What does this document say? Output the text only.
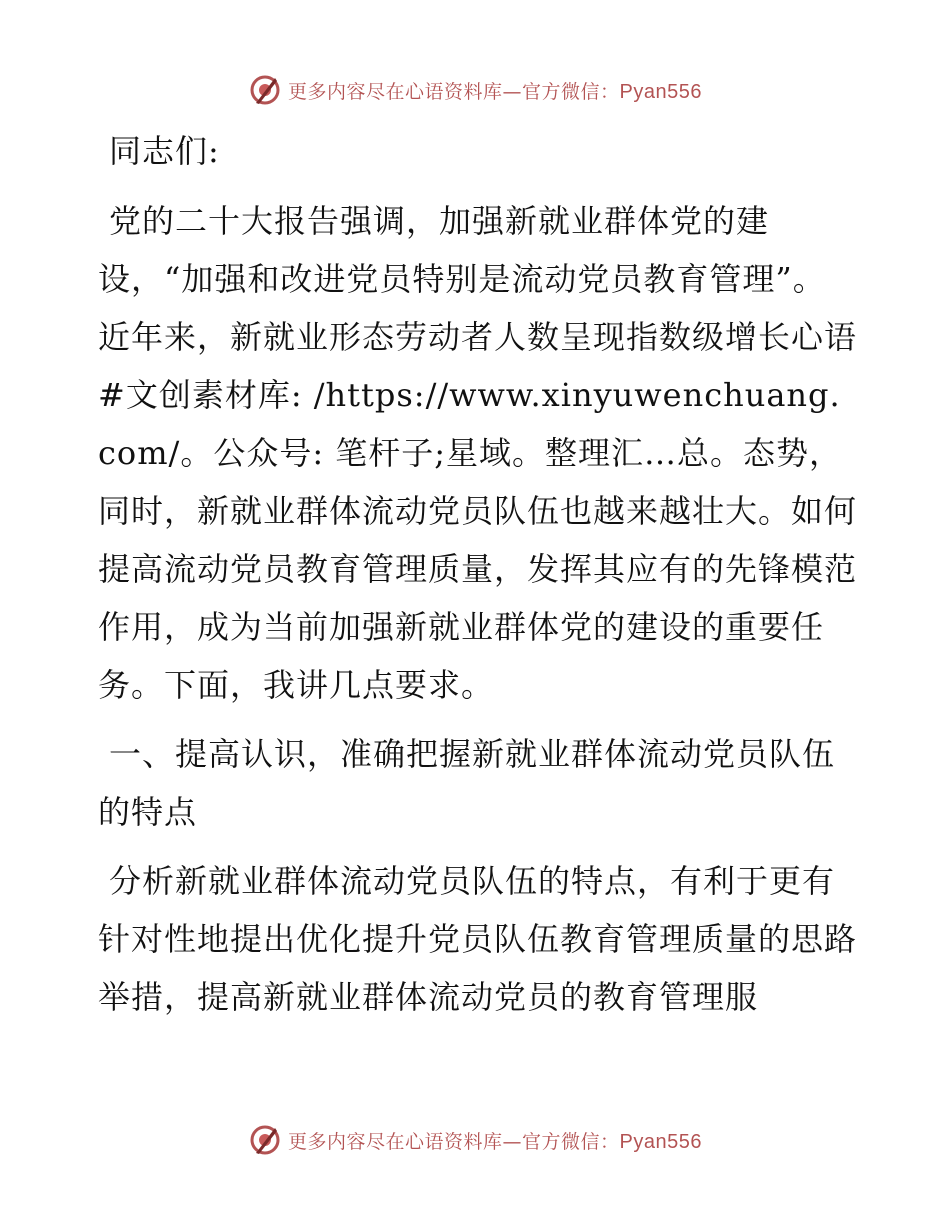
更多内容尽在心语资料库—官方微信：Pyan556

同志们:

党的二十大报告强调，加强新就业群体党的建设，“加强和改进党员特别是流动党员教育管理”。近年来，新就业形态劳动者人数呈现指数级增长心语#文创素材库: /https://www.xinyuwenchuang.com/。公众号: 笔杆子;星域。整理汇…总。态势，同时，新就业群体流动党员队伍也越来越壮大。如何提高流动党员教育管理质量，发挥其应有的先锋模范作用，成为当前加强新就业群体党的建设的重要任务。下面，我讲几点要求。

一、提高认识，准确把握新就业群体流动党员队伍的特点

分析新就业群体流动党员队伍的特点，有利于更有针对性地提出优化提升党员队伍教育管理质量的思路举措，提高新就业群体流动党员的教育管理服

更多内容尽在心语资料库—官方微信：Pyan556
